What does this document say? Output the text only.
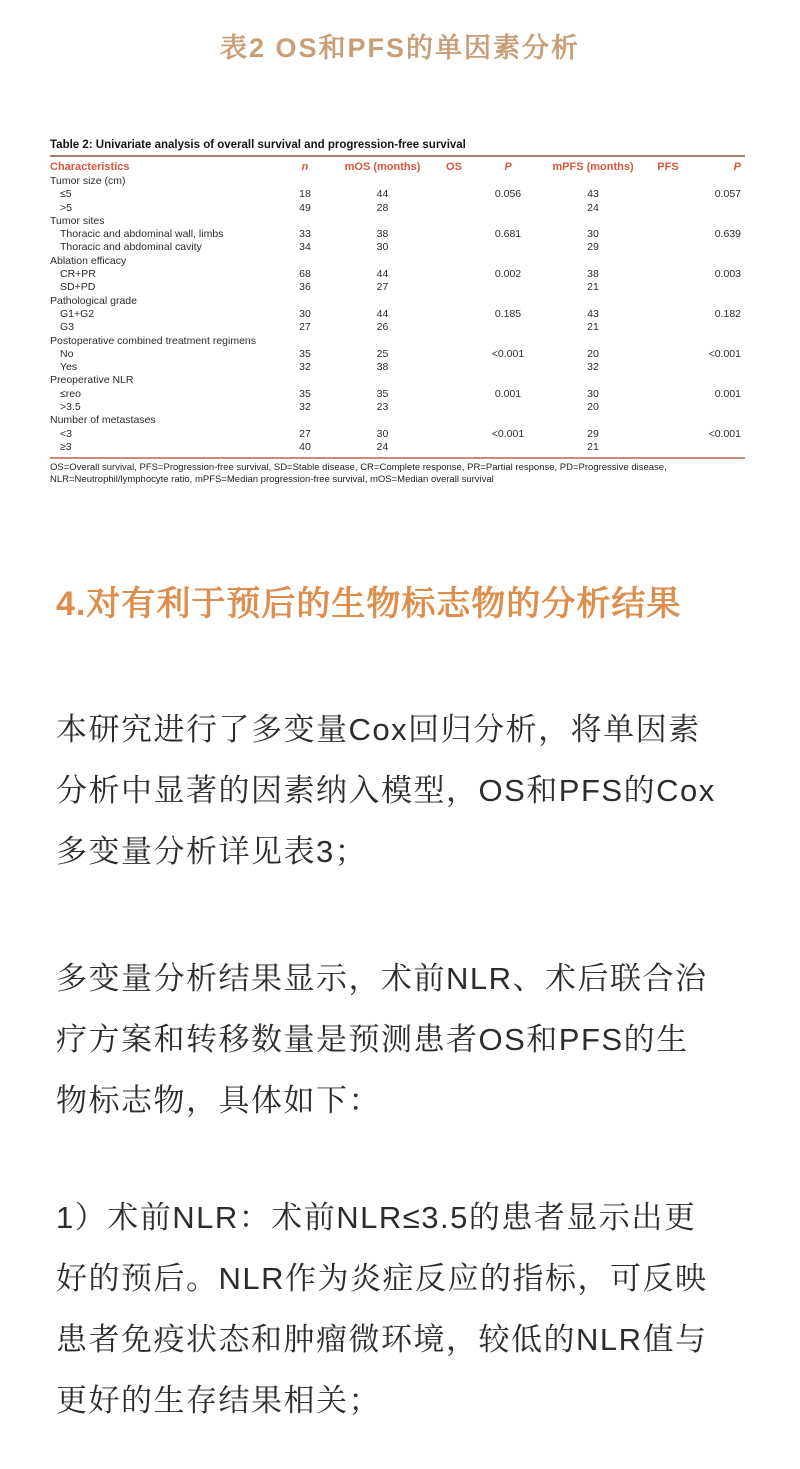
表2 OS和PFS的单因素分析
Table 2: Univariate analysis of overall survival and progression-free survival
Characteristics	n	mOS (months)	OS	P	mPFS (months)	PFS	P
Tumor size (cm)							
≤5	18	44		0.056	43		0.057
>5	49	28			24		
Tumor sites							
Thoracic and abdominal wall, limbs	33	38		0.681	30		0.639
Thoracic and abdominal cavity	34	30			29		
Ablation efficacy							
CR+PR	68	44		0.002	38		0.003
SD+PD	36	27			21		
Pathological grade							
G1+G2	30	44		0.185	43		0.182
G3	27	26			21		
Postoperative combined treatment regimens							
No	35	25		<0.001	20		<0.001
Yes	32	38			32		
Preoperative NLR							
≤reo	35	35		0.001	30		0.001
>3.5	32	23			20		
Number of metastases							
<3	27	30		<0.001	29		<0.001
≥3	40	24			21		
OS=Overall survival, PFS=Progression-free survival, SD=Stable disease, CR=Complete response, PR=Partial response, PD=Progressive disease,
NLR=Neutrophil/lymphocyte ratio, mPFS=Median progression-free survival, mOS=Median overall survival
4.对有利于预后的生物标志物的分析结果
本研究进行了多变量Cox回归分析，将单因素
分析中显著的因素纳入模型，OS和PFS的Cox
多变量分析详见表3；
多变量分析结果显示，术前NLR、术后联合治
疗方案和转移数量是预测患者OS和PFS的生
物标志物，具体如下：
1）术前NLR：术前NLR≤3.5的患者显示出更
好的预后。NLR作为炎症反应的指标，可反映
患者免疫状态和肿瘤微环境，较低的NLR值与
更好的生存结果相关；
